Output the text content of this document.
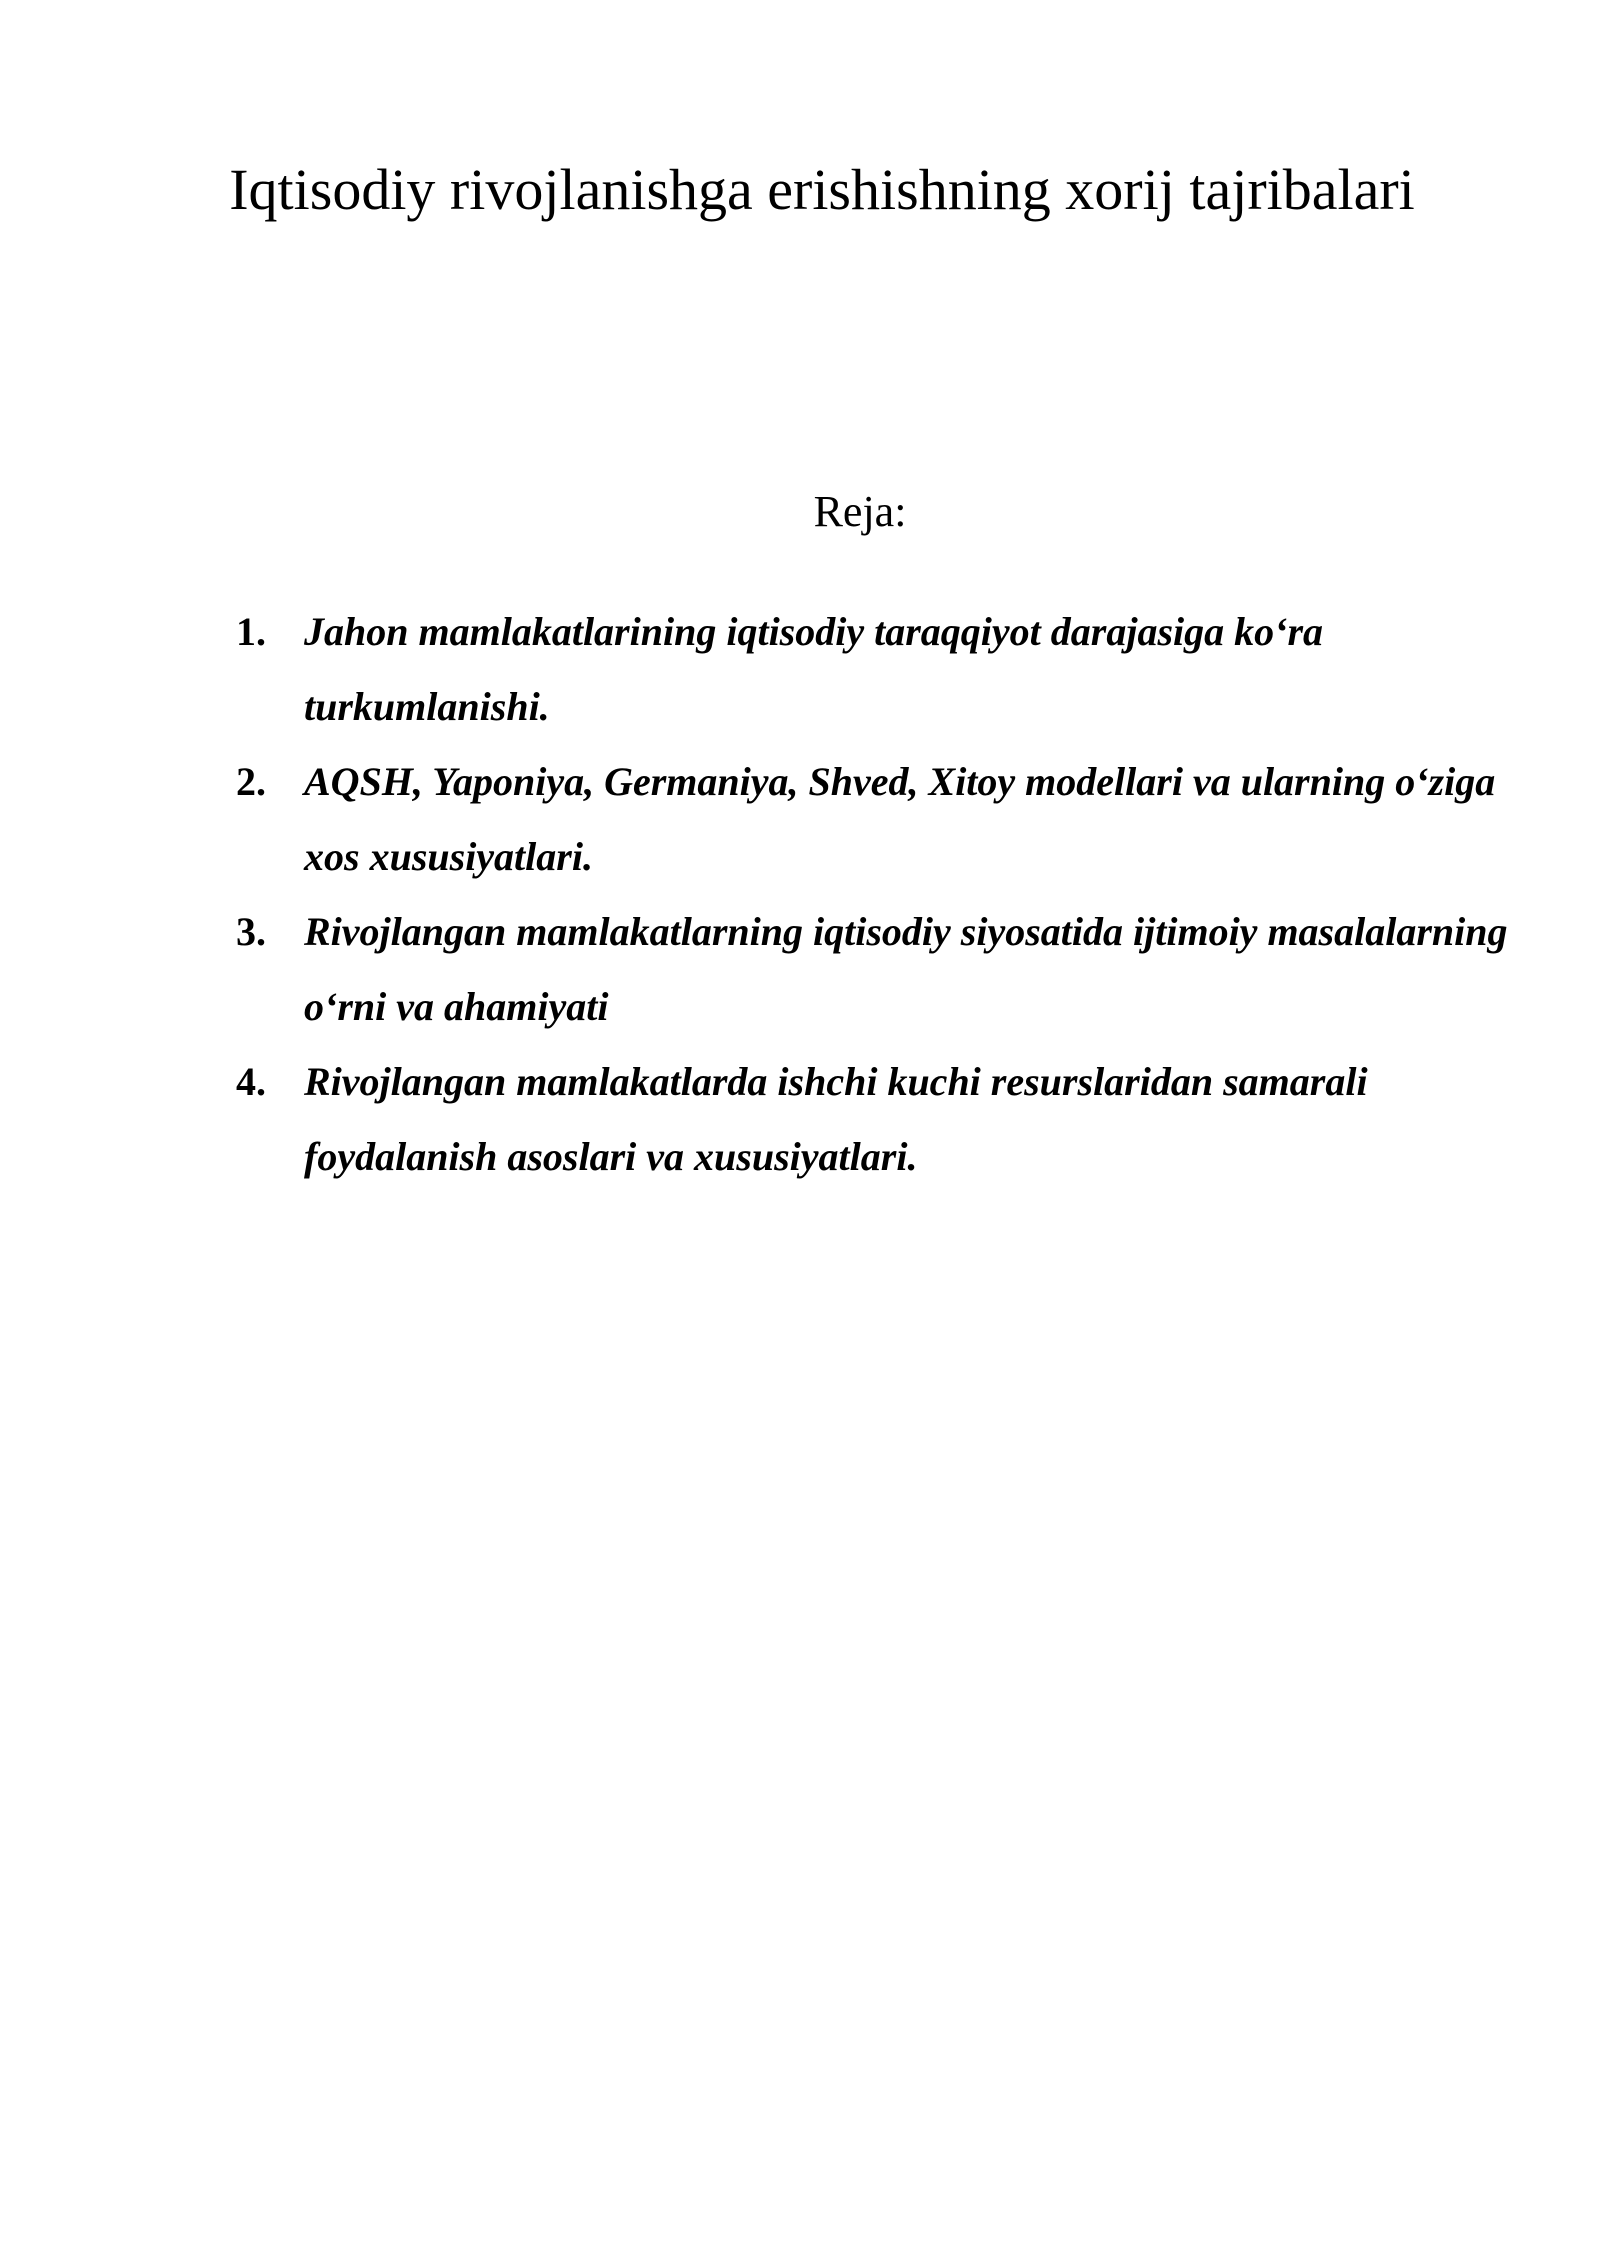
Iqtisodiy rivojlanishga erishishning xorij tajribalari
Reja:
1. Jahon mamlakatlarining iqtisodiy taraqqiyot darajasiga ko‘ra turkumlanishi.
2. AQSH, Yaponiya, Germaniya, Shved, Xitoy modellari va ularning o‘ziga xos xususiyatlari.
3. Rivojlangan mamlakatlarning iqtisodiy siyosatida ijtimoiy masalalarning o‘rni va ahamiyati
4. Rivojlangan mamlakatlarda ishchi kuchi resurslaridan samarali foydalanish asoslari va xususiyatlari.
